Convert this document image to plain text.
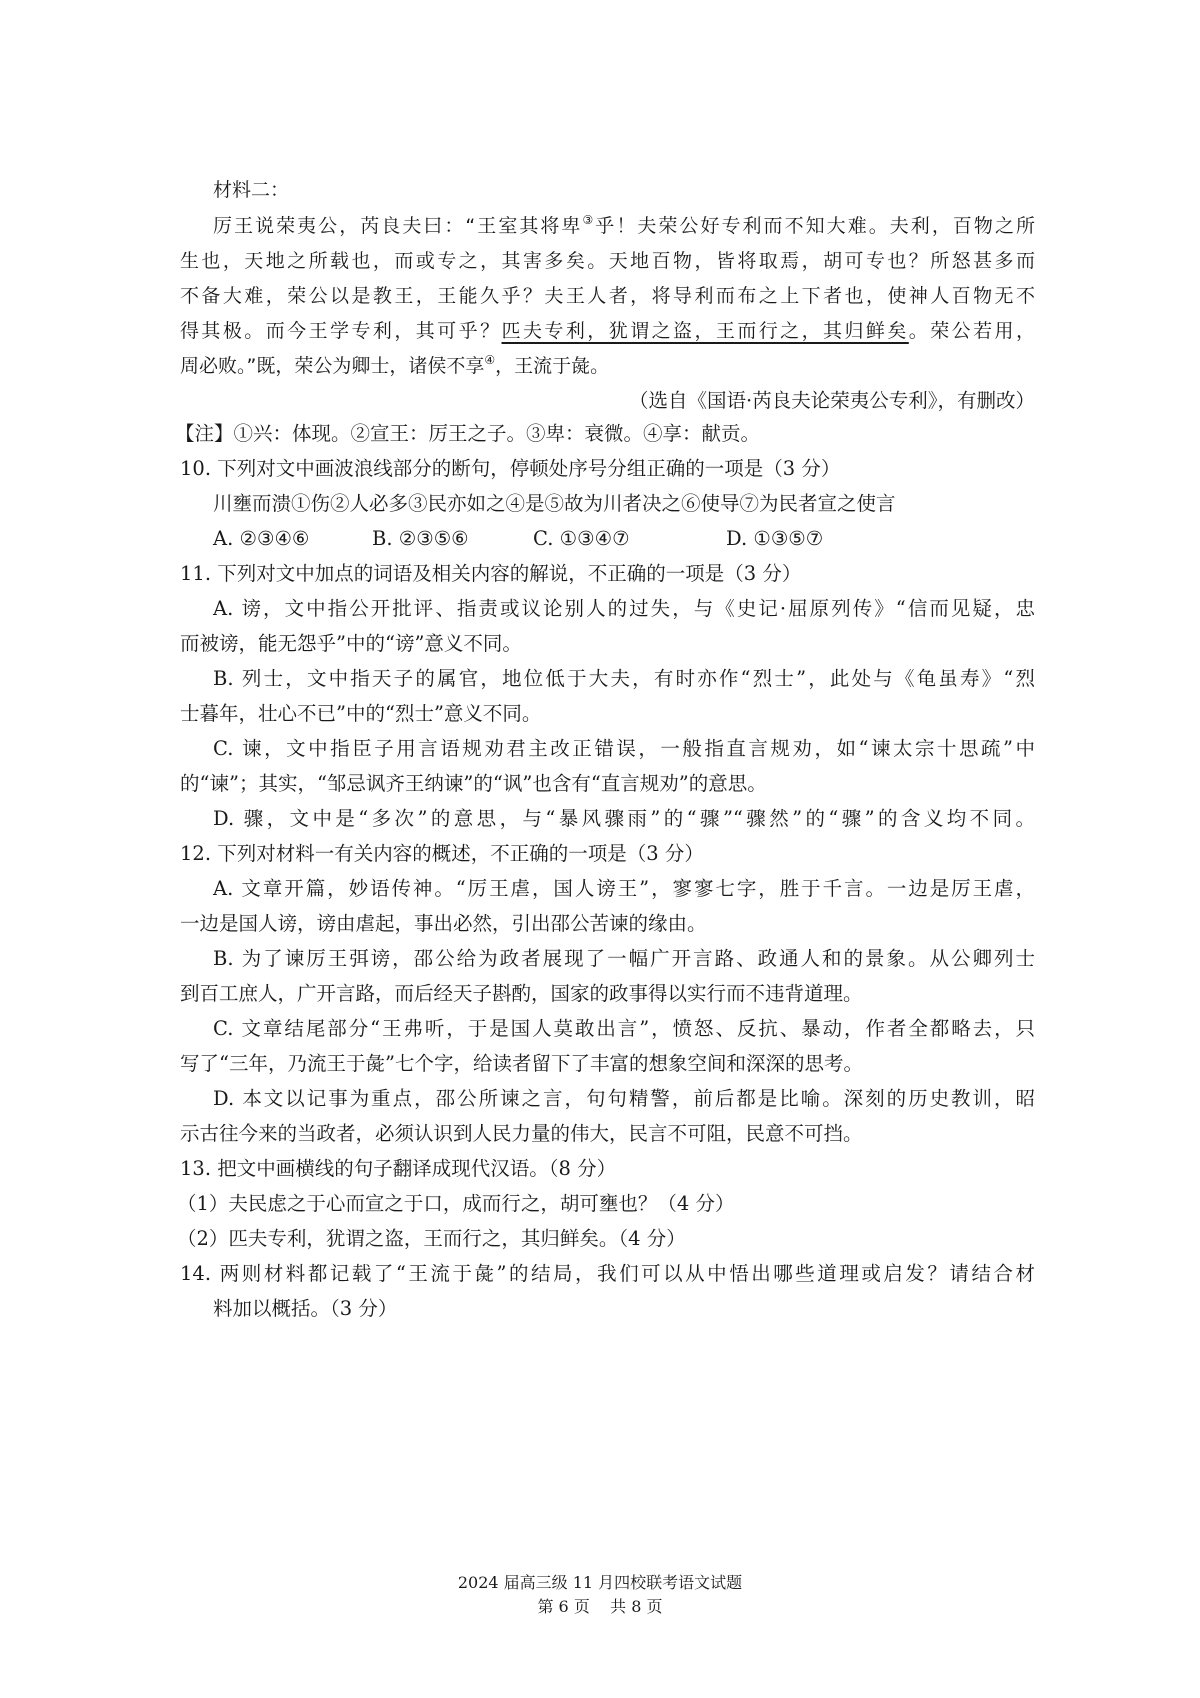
材料二：
厉王说荣夷公，芮良夫曰：“王室其将卑③乎！夫荣公好专利而不知大难。夫利，百物之所
生也，天地之所载也，而或专之，其害多矣。天地百物，皆将取焉，胡可专也？所怒甚多而
不备大难，荣公以是教王，王能久乎？夫王人者，将导利而布之上下者也，使神人百物无不
得其极。而今王学专利，其可乎？匹夫专利，犹谓之盗，王而行之，其归鲜矣。荣公若用，
周必败。”既，荣公为卿士，诸侯不享④，王流于彘。
（选自《国语·芮良夫论荣夷公专利》，有删改）
【注】①兴：体现。②宣王：厉王之子。③卑：衰微。④享：献贡。
10. 下列对文中画波浪线部分的断句，停顿处序号分组正确的一项是（3 分）
川壅而溃①伤②人必多③民亦如之④是⑤故为川者决之⑥使导⑦为民者宣之使言
A. ②③④⑥	B. ②③⑤⑥	C. ①③④⑦	D. ①③⑤⑦
11. 下列对文中加点的词语及相关内容的解说，不正确的一项是（3 分）
A. 谤，文中指公开批评、指责或议论别人的过失，与《史记·屈原列传》“信而见疑，忠
而被谤，能无怨乎”中的“谤”意义不同。
B. 列士，文中指天子的属官，地位低于大夫，有时亦作“烈士”，此处与《龟虽寿》“烈
士暮年，壮心不已”中的“烈士”意义不同。
C. 谏，文中指臣子用言语规劝君主改正错误，一般指直言规劝，如“谏太宗十思疏”中
的“谏”；其实，“邹忌讽齐王纳谏”的“讽”也含有“直言规劝”的意思。
D. 骤，文中是“多次”的意思，与“暴风骤雨”的“骤”“骤然”的“骤”的含义均不同。
12. 下列对材料一有关内容的概述，不正确的一项是（3 分）
A. 文章开篇，妙语传神。“厉王虐，国人谤王”，寥寥七字，胜于千言。一边是厉王虐，
一边是国人谤，谤由虐起，事出必然，引出邵公苦谏的缘由。
B. 为了谏厉王弭谤，邵公给为政者展现了一幅广开言路、政通人和的景象。从公卿列士
到百工庶人，广开言路，而后经天子斟酌，国家的政事得以实行而不违背道理。
C. 文章结尾部分“王弗听，于是国人莫敢出言”，愤怒、反抗、暴动，作者全都略去，只
写了“三年，乃流王于彘”七个字，给读者留下了丰富的想象空间和深深的思考。
D. 本文以记事为重点，邵公所谏之言，句句精警，前后都是比喻。深刻的历史教训，昭
示古往今来的当政者，必须认识到人民力量的伟大，民言不可阻，民意不可挡。
13. 把文中画横线的句子翻译成现代汉语。（8 分）
（1）夫民虑之于心而宣之于口，成而行之，胡可壅也？（4 分）
（2）匹夫专利，犹谓之盗，王而行之，其归鲜矣。（4 分）
14. 两则材料都记载了“王流于彘”的结局，我们可以从中悟出哪些道理或启发？请结合材
料加以概括。（3 分）
2024 届高三级 11 月四校联考语文试题
第 6 页    共 8 页
